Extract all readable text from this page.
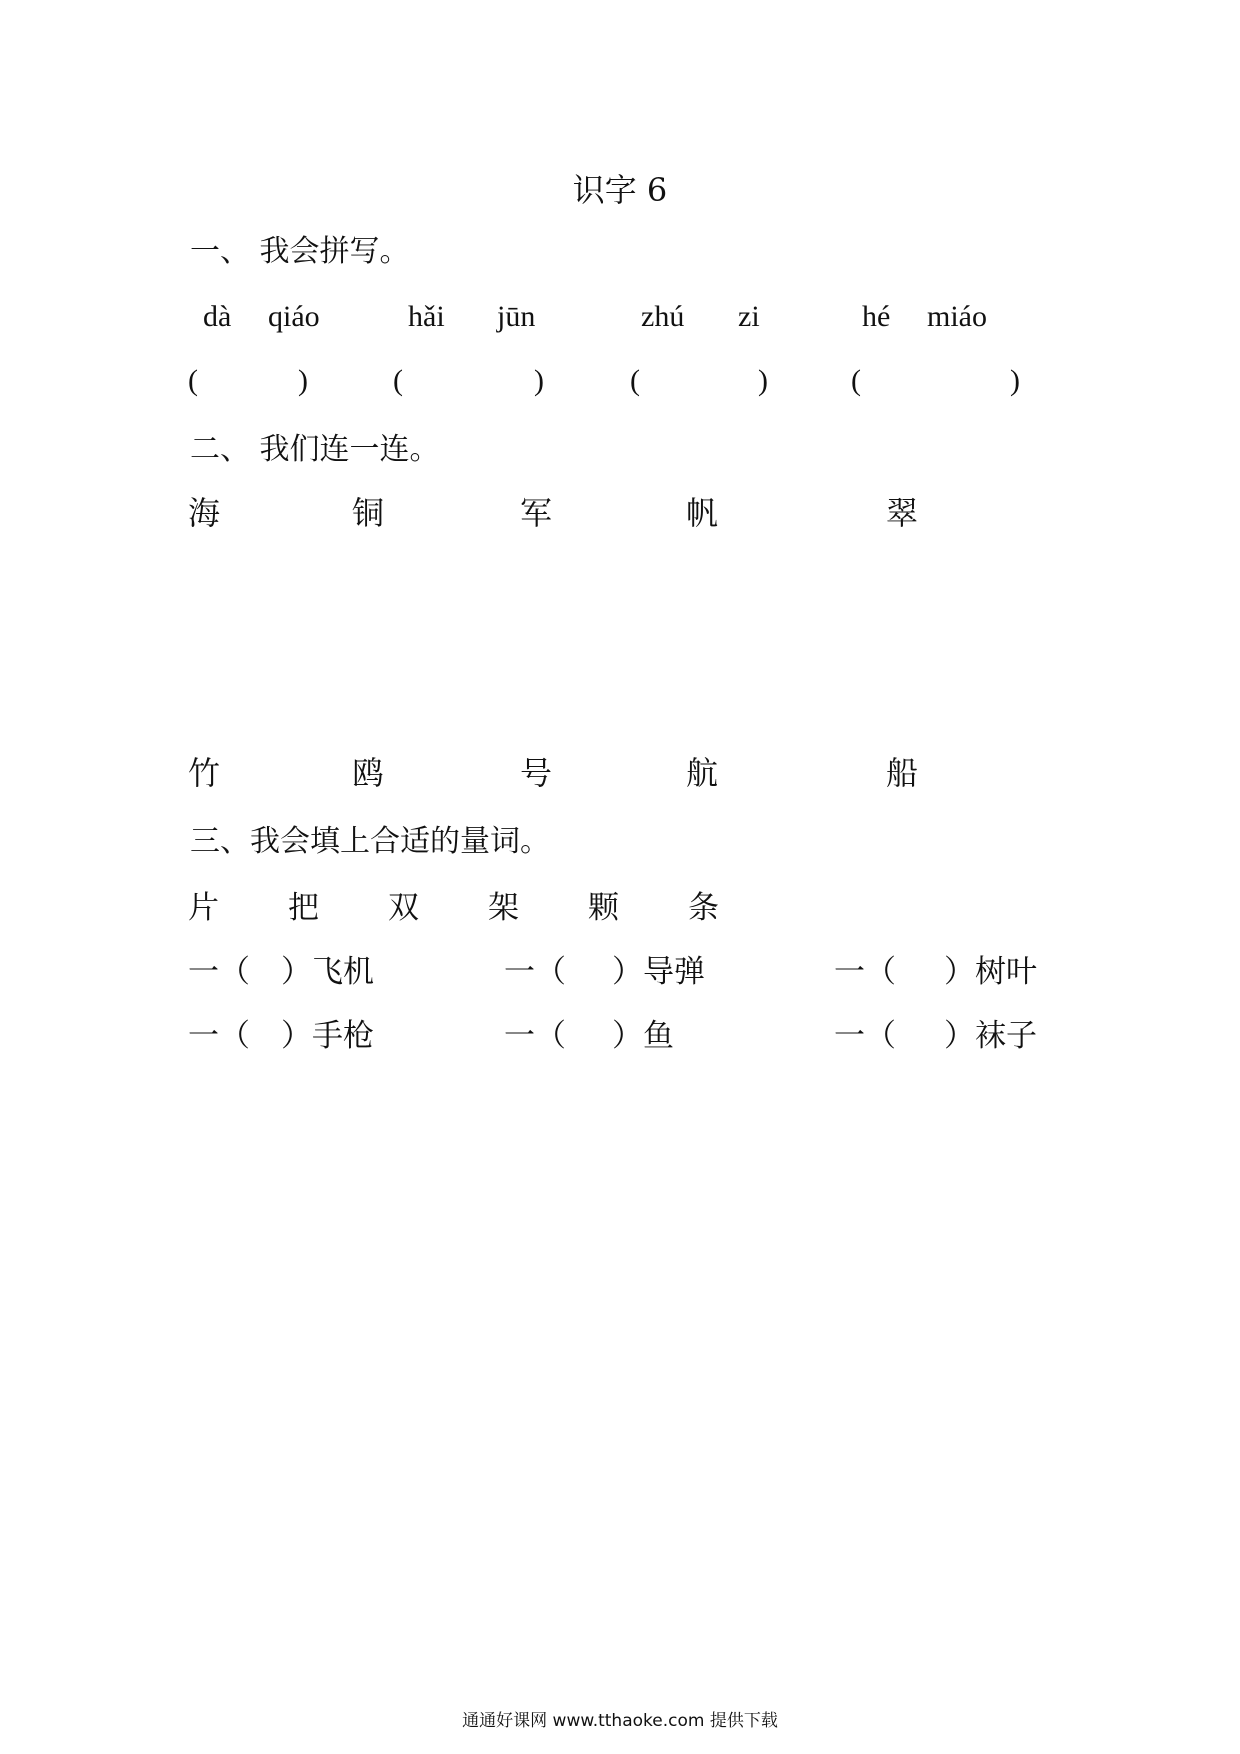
识字 6
一、 我会拼写。
dà qiáo	hǎi jūn	zhú zi	hé miáo
(	)	(	)	(	)	(	)
二、 我们连一连。
海	铜	军	帆	翠
竹	鸥	号	航	船
三、我会填上合适的量词。
片 把 双 架 颗 条
一（ ）飞机	一（ ）导弹	一（ ）树叶
一（ ）手枪	一（ ）鱼	一（ ）袜子
通通好课网 www.tthaoke.com 提供下载
